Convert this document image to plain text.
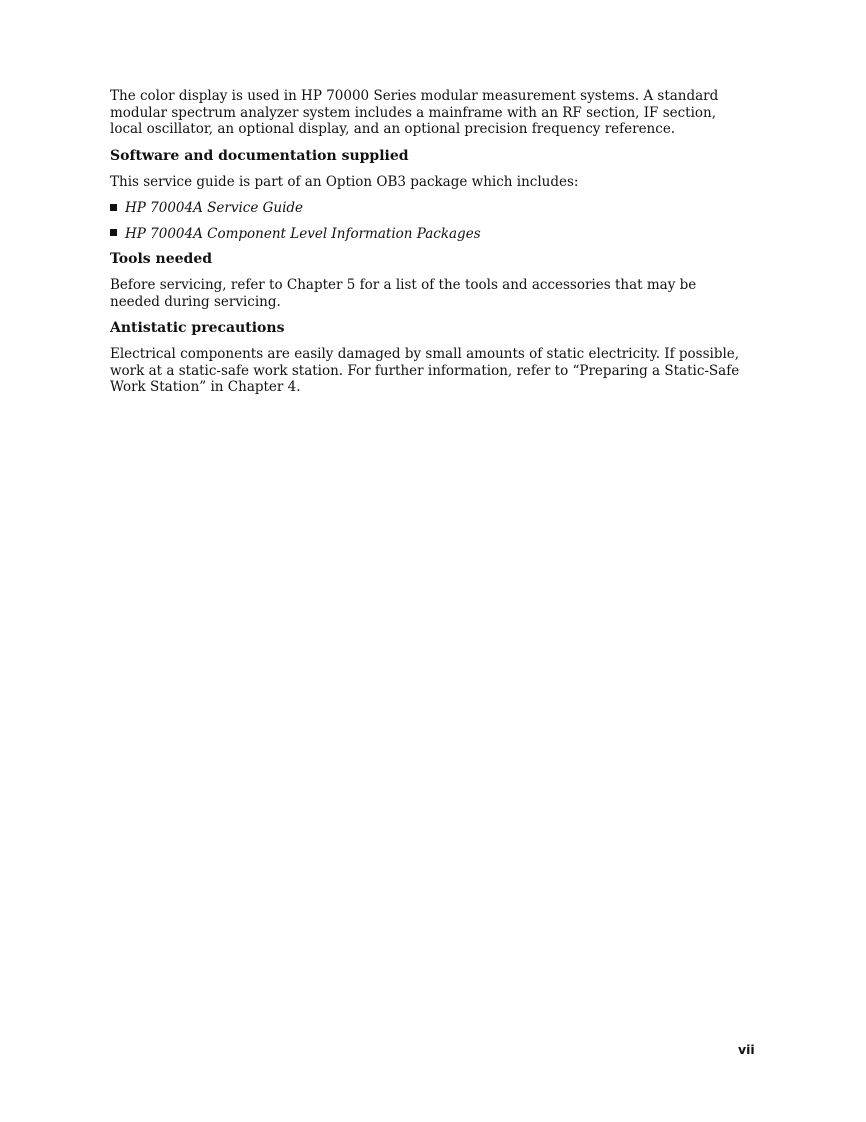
The color display is used in HP 70000 Series modular measurement systems. A standard modular spectrum analyzer system includes a mainframe with an RF section, IF section, local oscillator, an optional display, and an optional precision frequency reference.

Software and documentation supplied

This service guide is part of an Option OB3 package which includes:

HP 70004A Service Guide
HP 70004A Component Level Information Packages
Tools needed

Before servicing, refer to Chapter 5 for a list of the tools and accessories that may be needed during servicing.

Antistatic precautions

Electrical components are easily damaged by small amounts of static electricity. If possible, work at a static-safe work station. For further information, refer to “Preparing a Static-Safe Work Station” in Chapter 4.

vii
